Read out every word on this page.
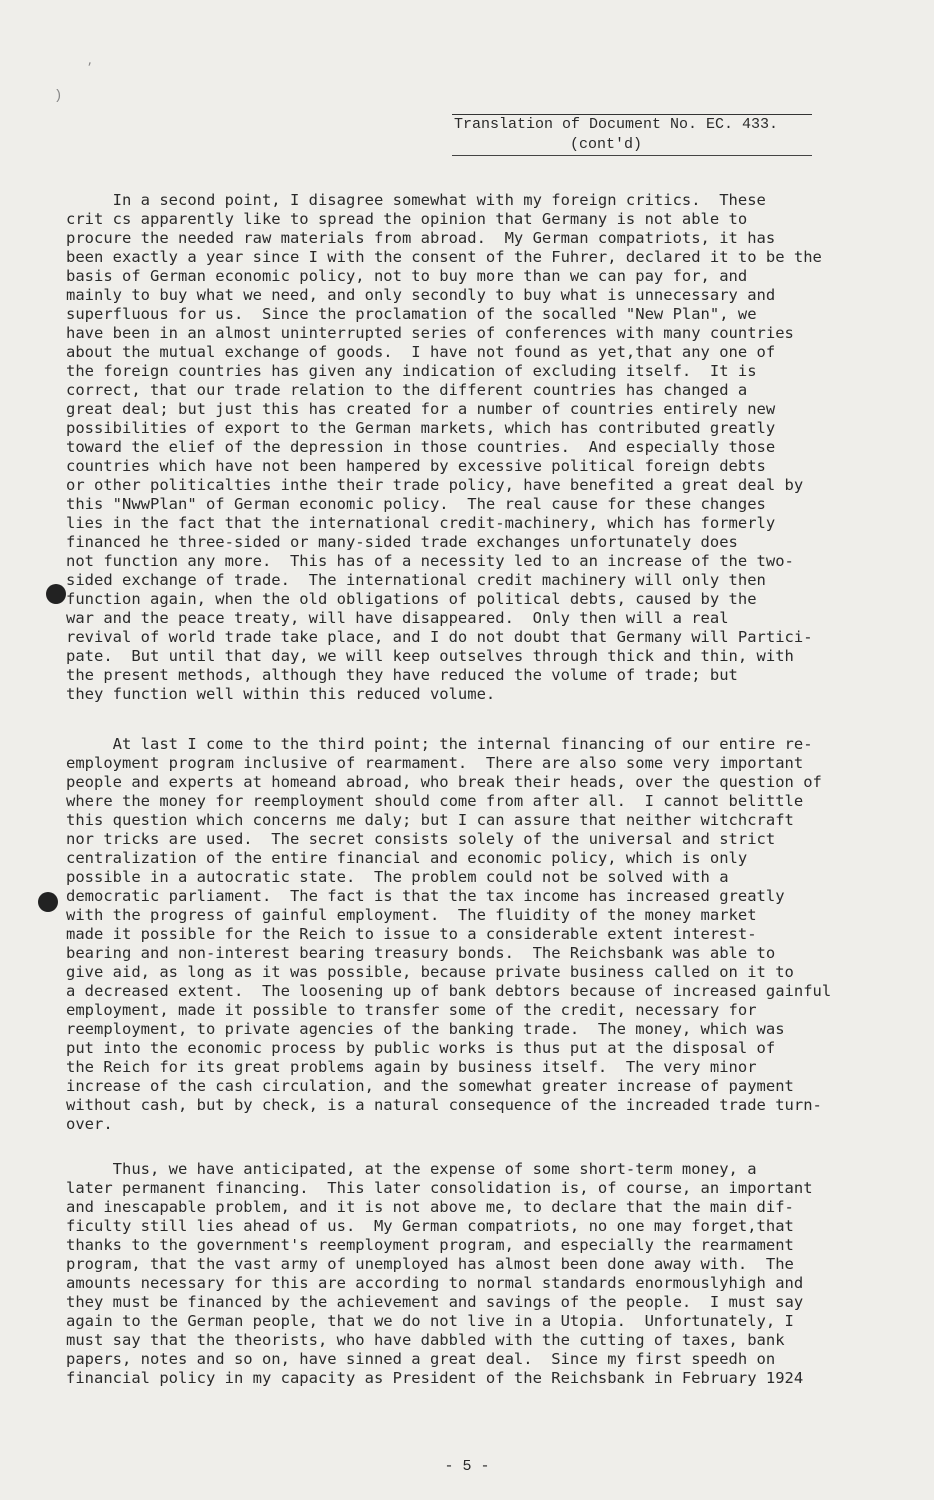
⸴
)
Translation of Document No. EC. 433.
(cont'd)
In a second point, I disagree somewhat with my foreign critics.  These
crit cs apparently like to spread the opinion that Germany is not able to
procure the needed raw materials from abroad.  My German compatriots, it has
been exactly a year since I with the consent of the Fuhrer, declared it to be the
basis of German economic policy, not to buy more than we can pay for, and
mainly to buy what we need, and only secondly to buy what is unnecessary and
superfluous for us.  Since the proclamation of the socalled "New Plan", we
have been in an almost uninterrupted series of conferences with many countries
about the mutual exchange of goods.  I have not found as yet,that any one of
the foreign countries has given any indication of excluding itself.  It is
correct, that our trade relation to the different countries has changed a
great deal; but just this has created for a number of countries entirely new
possibilities of export to the German markets, which has contributed greatly
toward the elief of the depression in those countries.  And especially those
countries which have not been hampered by excessive political foreign debts
or other politicalties inthe their trade policy, have benefited a great deal by
this "NwwPlan" of German economic policy.  The real cause for these changes
lies in the fact that the international credit-machinery, which has formerly
financed he three-sided or many-sided trade exchanges unfortunately does
not function any more.  This has of a necessity led to an increase of the two-
sided exchange of trade.  The international credit machinery will only then
function again, when the old obligations of political debts, caused by the
war and the peace treaty, will have disappeared.  Only then will a real
revival of world trade take place, and I do not doubt that Germany will Partici-
pate.  But until that day, we will keep outselves through thick and thin, with
the present methods, although they have reduced the volume of trade; but
they function well within this reduced volume.
At last I come to the third point; the internal financing of our entire re-
employment program inclusive of rearmament.  There are also some very important
people and experts at homeand abroad, who break their heads, over the question of
where the money for reemployment should come from after all.  I cannot belittle
this question which concerns me daly; but I can assure that neither witchcraft
nor tricks are used.  The secret consists solely of the universal and strict
centralization of the entire financial and economic policy, which is only
possible in a autocratic state.  The problem could not be solved with a
democratic parliament.  The fact is that the tax income has increased greatly
with the progress of gainful employment.  The fluidity of the money market
made it possible for the Reich to issue to a considerable extent interest-
bearing and non-interest bearing treasury bonds.  The Reichsbank was able to
give aid, as long as it was possible, because private business called on it to
a decreased extent.  The loosening up of bank debtors because of increased gainful
employment, made it possible to transfer some of the credit, necessary for
reemployment, to private agencies of the banking trade.  The money, which was
put into the economic process by public works is thus put at the disposal of
the Reich for its great problems again by business itself.  The very minor
increase of the cash circulation, and the somewhat greater increase of payment
without cash, but by check, is a natural consequence of the increaded trade turn-
over.
Thus, we have anticipated, at the expense of some short-term money, a
later permanent financing.  This later consolidation is, of course, an important
and inescapable problem, and it is not above me, to declare that the main dif-
ficulty still lies ahead of us.  My German compatriots, no one may forget,that
thanks to the government's reemployment program, and especially the rearmament
program, that the vast army of unemployed has almost been done away with.  The
amounts necessary for this are according to normal standards enormouslyhigh and
they must be financed by the achievement and savings of the people.  I must say
again to the German people, that we do not live in a Utopia.  Unfortunately, I
must say that the theorists, who have dabbled with the cutting of taxes, bank
papers, notes and so on, have sinned a great deal.  Since my first speedh on
financial policy in my capacity as President of the Reichsbank in February 1924
- 5 -
